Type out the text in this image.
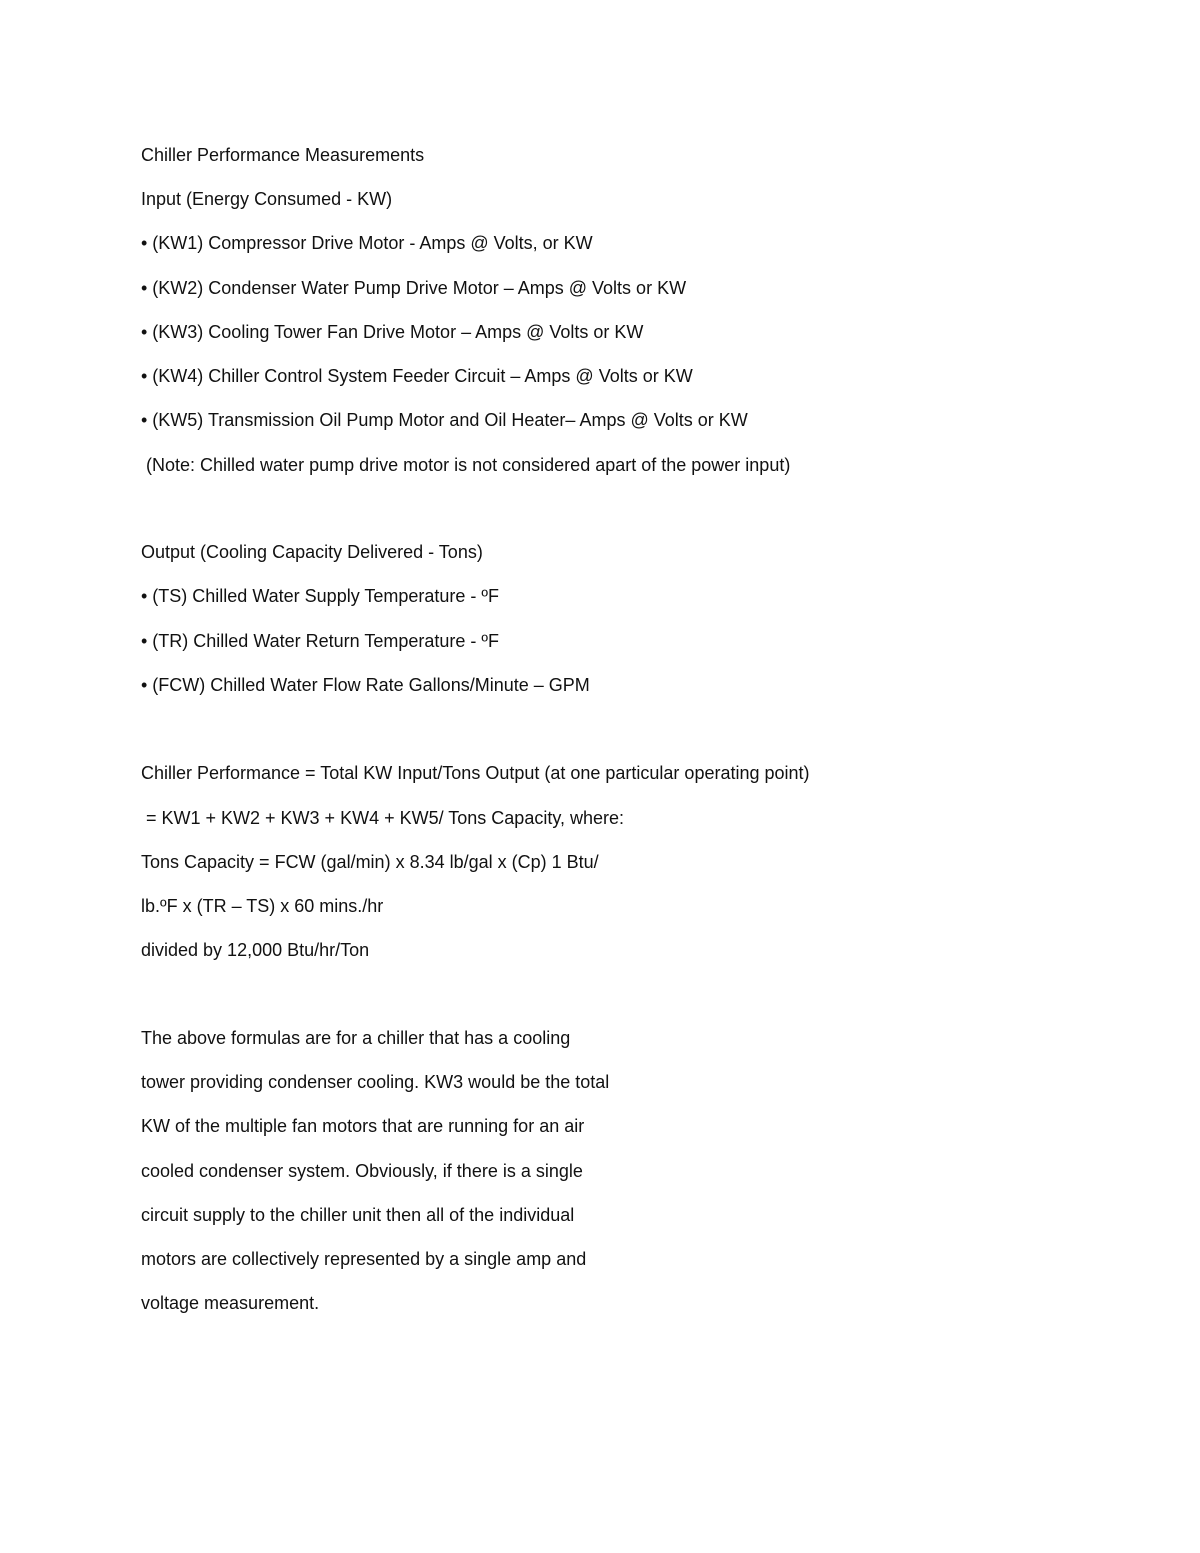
Chiller Performance Measurements
Input (Energy Consumed - KW)
• (KW1) Compressor Drive Motor - Amps @ Volts, or KW
• (KW2) Condenser Water Pump Drive Motor – Amps @ Volts or KW
• (KW3) Cooling Tower Fan Drive Motor – Amps @ Volts or KW
• (KW4) Chiller Control System Feeder Circuit – Amps @ Volts or KW
• (KW5) Transmission Oil Pump Motor and Oil Heater– Amps @ Volts or KW
(Note: Chilled water pump drive motor is not considered apart of the power input)
Output (Cooling Capacity Delivered - Tons)
• (TS) Chilled Water Supply Temperature - ºF
• (TR) Chilled Water Return Temperature - ºF
• (FCW) Chilled Water Flow Rate Gallons/Minute – GPM
Chiller Performance = Total KW Input/Tons Output (at one particular operating point)
= KW1 + KW2 + KW3 + KW4 + KW5/ Tons Capacity, where:
Tons Capacity = FCW (gal/min) x 8.34 lb/gal x (Cp) 1 Btu/
lb.ºF x (TR – TS) x 60 mins./hr
divided by 12,000 Btu/hr/Ton
The above formulas are for a chiller that has a cooling
tower providing condenser cooling. KW3 would be the total
KW of the multiple fan motors that are running for an air
cooled condenser system. Obviously, if there is a single
circuit supply to the chiller unit then all of the individual
motors are collectively represented by a single amp and
voltage measurement.
